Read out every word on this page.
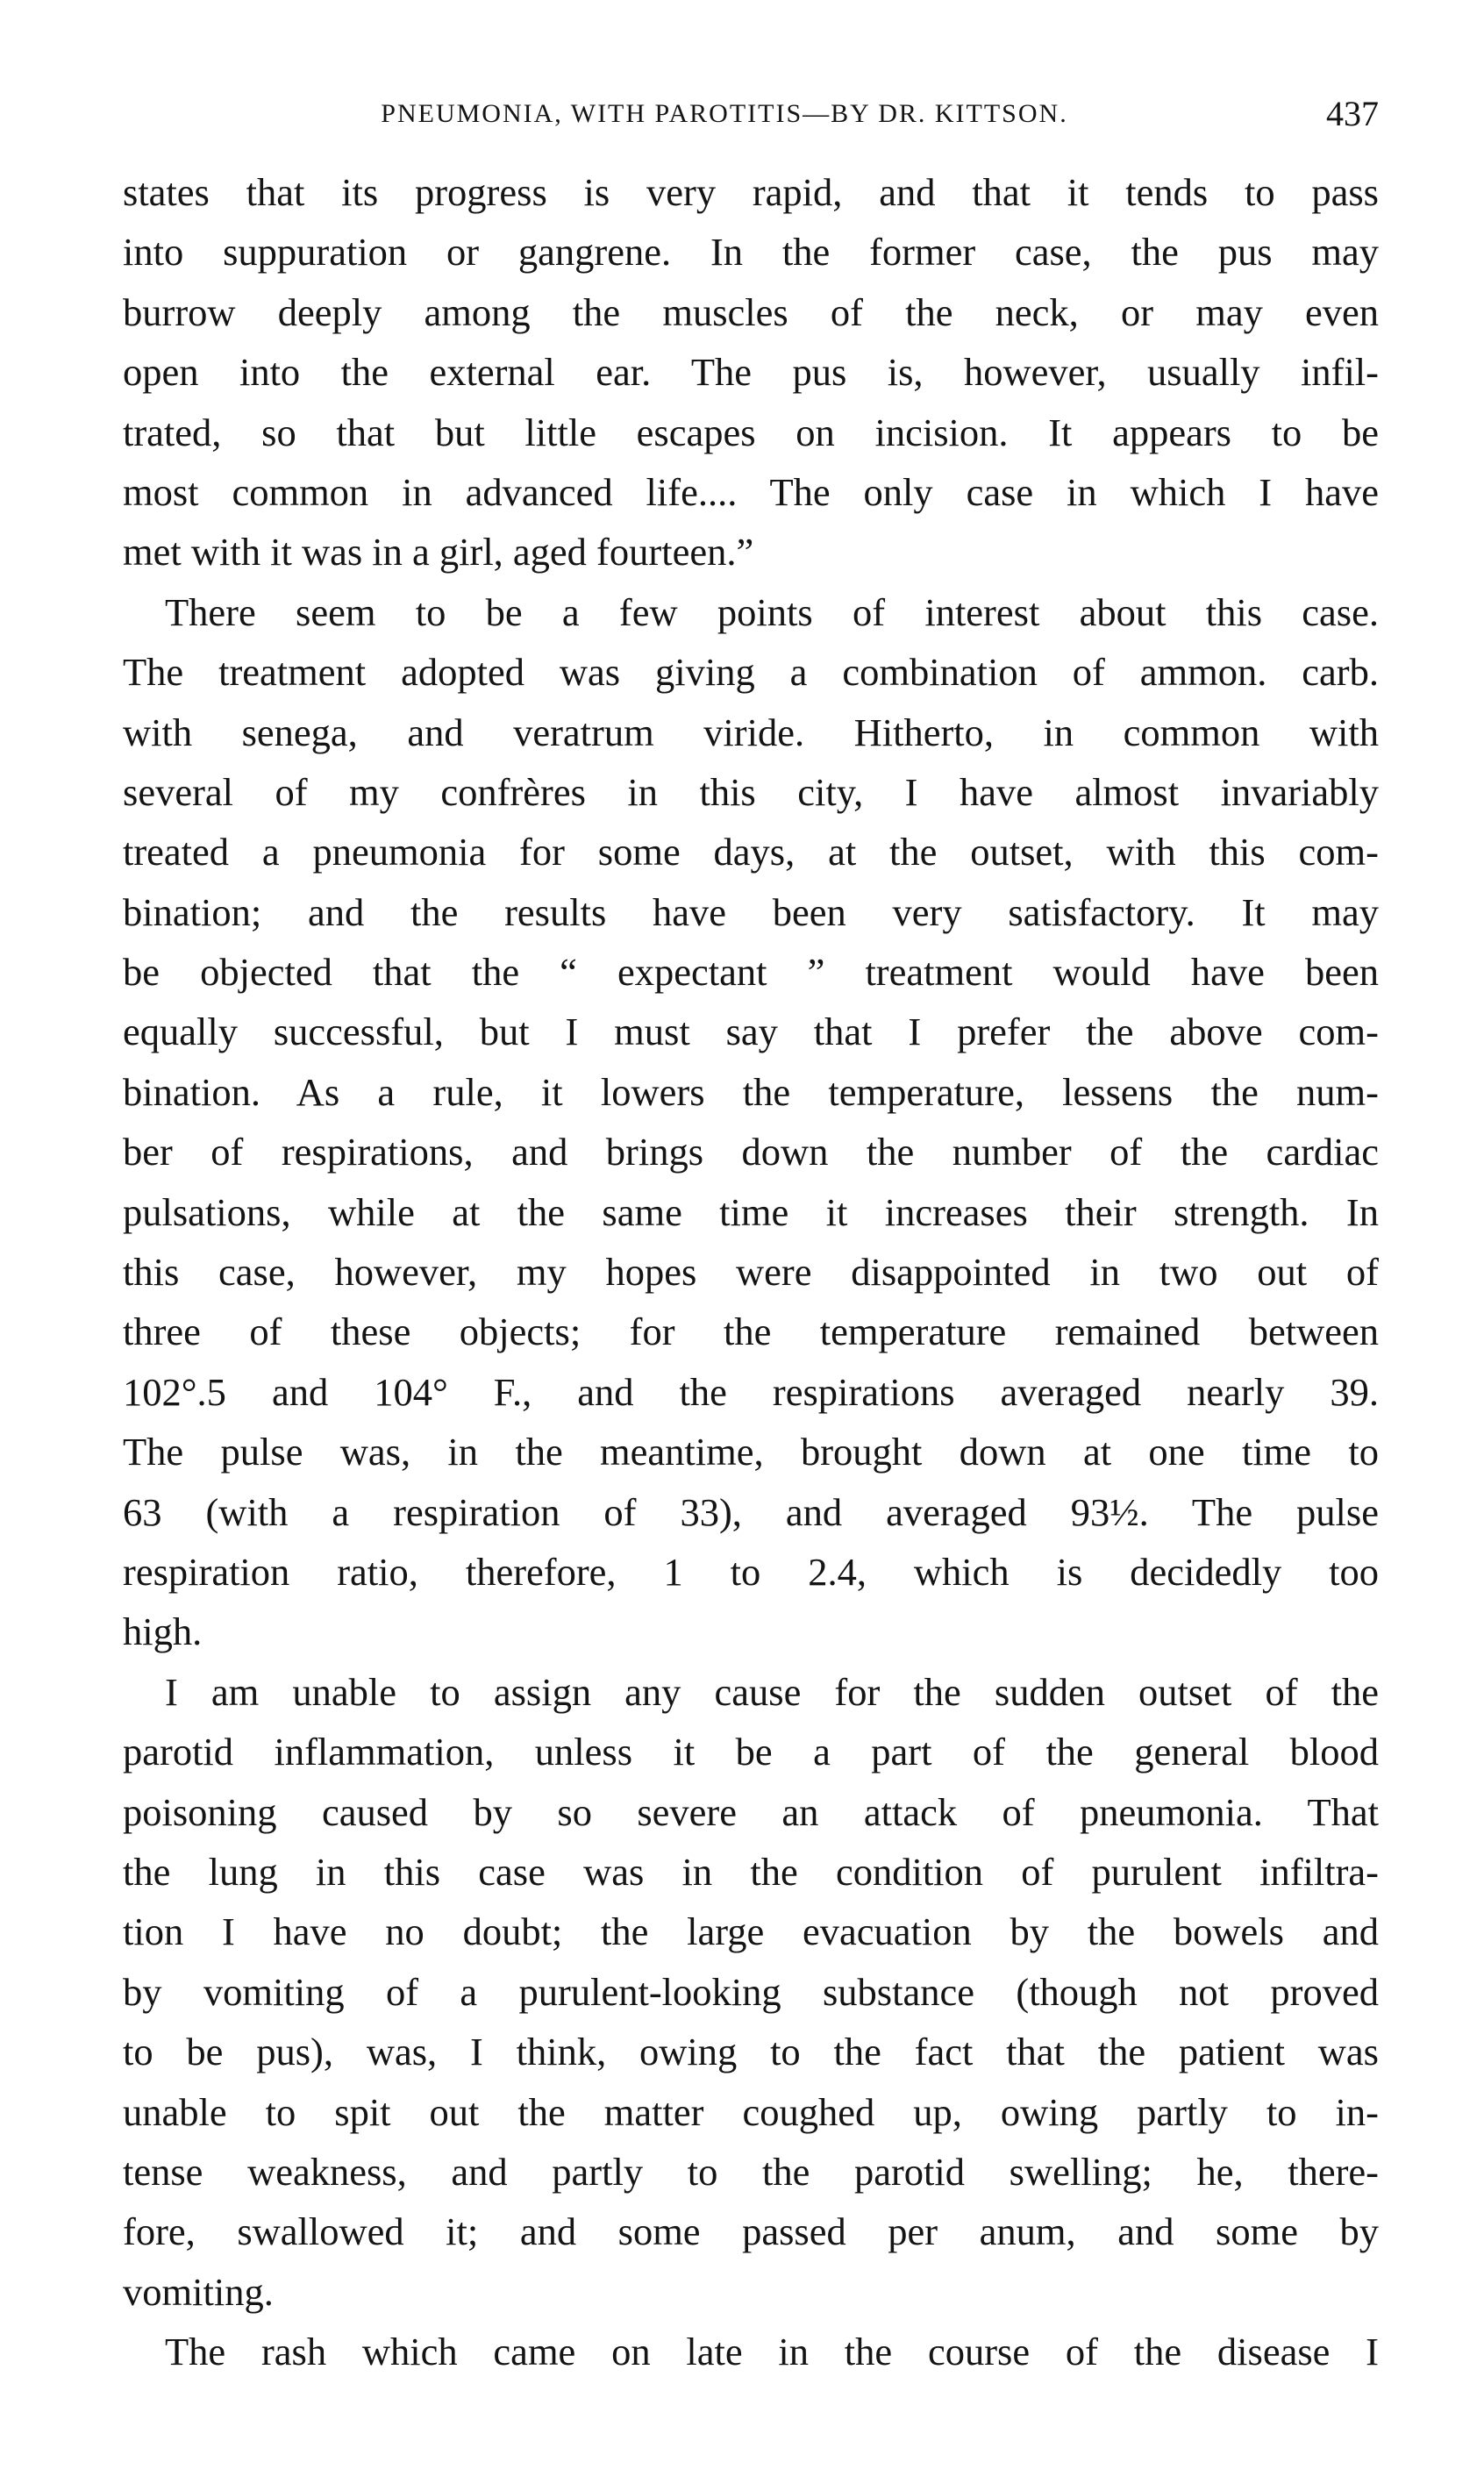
PNEUMONIA, WITH PAROTITIS—BY DR. KITTSON.	437
states that its progress is very rapid, and that it tends to pass
into suppuration or gangrene. In the former case, the pus may
burrow deeply among the muscles of the neck, or may even
open into the external ear. The pus is, however, usually infil-
trated, so that but little escapes on incision. It appears to be
most common in advanced life.... The only case in which I have
met with it was in a girl, aged fourteen.”
There seem to be a few points of interest about this case.
The treatment adopted was giving a combination of ammon. carb.
with senega, and veratrum viride. Hitherto, in common with
several of my confrères in this city, I have almost invariably
treated a pneumonia for some days, at the outset, with this com-
bination; and the results have been very satisfactory. It may
be objected that the “ expectant ” treatment would have been
equally successful, but I must say that I prefer the above com-
bination. As a rule, it lowers the temperature, lessens the num-
ber of respirations, and brings down the number of the cardiac
pulsations, while at the same time it increases their strength. In
this case, however, my hopes were disappointed in two out of
three of these objects; for the temperature remained between
102°.5 and 104° F., and the respirations averaged nearly 39.
The pulse was, in the meantime, brought down at one time to
63 (with a respiration of 33), and averaged 93½. The pulse
respiration ratio, therefore, 1 to 2.4, which is decidedly too
high.
I am unable to assign any cause for the sudden outset of the
parotid inflammation, unless it be a part of the general blood
poisoning caused by so severe an attack of pneumonia. That
the lung in this case was in the condition of purulent infiltra-
tion I have no doubt; the large evacuation by the bowels and
by vomiting of a purulent-looking substance (though not proved
to be pus), was, I think, owing to the fact that the patient was
unable to spit out the matter coughed up, owing partly to in-
tense weakness, and partly to the parotid swelling; he, there-
fore, swallowed it; and some passed per anum, and some by
vomiting.
The rash which came on late in the course of the disease I
